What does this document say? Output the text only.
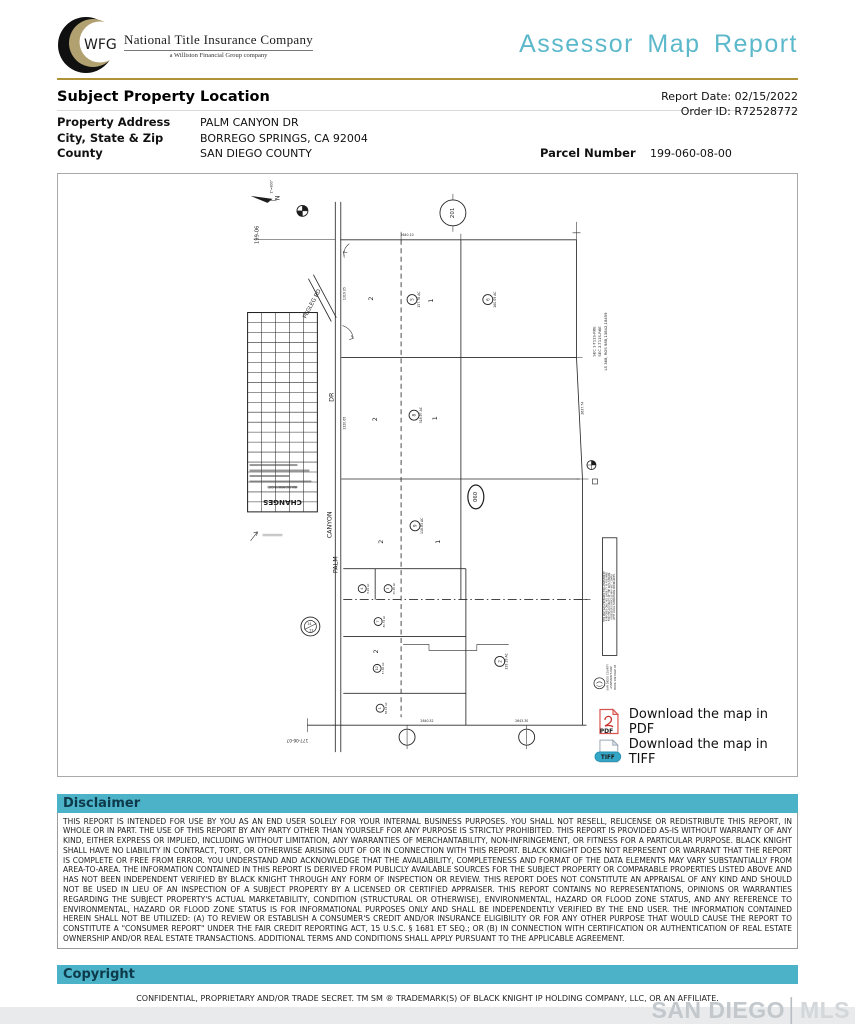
WFG National Title Insurance Company
a Williston Financial Group company	Assessor Map Report
Subject Property Location	Report Date: 02/15/2022
Order ID: R72528772
Property Address	PALM CANYON DR
City, State & Zip	BORREGO SPRINGS, CA 92004
County	SAN DIEGO COUNTY	Parcel Number	199-060-08-00
N
1"=800'
199-06
201
PEGLEG RD
DR
CANYON
PALM
5 157.76 AC	6 160.09 AC
8 318.97 AC
9 118.83 AC
4	8.29 AC	3	30.36 AC
7	80.74 AC
10	57.62 AC
1	56.16 AC
2 329.29 AC
2	1
2	1
2	1
2
060
SEC 1-T11S-R6E SEC 2-T11S-R6E LS 368, ROS 988,13842,18459
2640.10
2637.74
1320.65
2640.52	2643.30
1319.05
14
23
BLK OLD NEW YR CUT
CHANGES
177-06-07
THIS MAP WAS PREPARED FOR ASSESSMENT PURPOSES ONLY. NO LIABILITY IS ASSUMED FOR THE ACCURACY OF THE DATA SHOWN. ASSESSOR'S PARCELS MAY NOT COMPLY WITH LOCAL SUBDIVISION ORDINANCES.
SAN DIEGO COUNTY ASSESSOR'S MAP BOOK 199 PAGE 06
PDF
Download the map in PDF
TIFF
Download the map in TIFF
Disclaimer

THIS REPORT IS INTENDED FOR USE BY YOU AS AN END USER SOLELY FOR YOUR INTERNAL BUSINESS PURPOSES. YOU SHALL NOT RESELL, RELICENSE OR REDISTRIBUTE THIS REPORT, IN WHOLE OR IN PART. THE USE OF THIS REPORT BY ANY PARTY OTHER THAN YOURSELF FOR ANY PURPOSE IS STRICTLY PROHIBITED. THIS REPORT IS PROVIDED AS-IS WITHOUT WARRANTY OF ANY KIND, EITHER EXPRESS OR IMPLIED, INCLUDING WITHOUT LIMITATION, ANY WARRANTIES OF MERCHANTABILITY, NON-INFRINGEMENT, OR FITNESS FOR A PARTICULAR PURPOSE. BLACK KNIGHT SHALL HAVE NO LIABILITY IN CONTRACT, TORT, OR OTHERWISE ARISING OUT OF OR IN CONNECTION WITH THIS REPORT. BLACK KNIGHT DOES NOT REPRESENT OR WARRANT THAT THE REPORT IS COMPLETE OR FREE FROM ERROR. YOU UNDERSTAND AND ACKNOWLEDGE THAT THE AVAILABILITY, COMPLETENESS AND FORMAT OF THE DATA ELEMENTS MAY VARY SUBSTANTIALLY FROM AREA-TO-AREA. THE INFORMATION CONTAINED IN THIS REPORT IS DERIVED FROM PUBLICLY AVAILABLE SOURCES FOR THE SUBJECT PROPERTY OR COMPARABLE PROPERTIES LISTED ABOVE AND HAS NOT BEEN INDEPENDENT VERIFIED BY BLACK KNIGHT THROUGH ANY FORM OF INSPECTION OR REVIEW. THIS REPORT DOES NOT CONSTITUTE AN APPRAISAL OF ANY KIND AND SHOULD NOT BE USED IN LIEU OF AN INSPECTION OF A SUBJECT PROPERTY BY A LICENSED OR CERTIFIED APPRAISER. THIS REPORT CONTAINS NO REPRESENTATIONS, OPINIONS OR WARRANTIES REGARDING THE SUBJECT PROPERTY'S ACTUAL MARKETABILITY, CONDITION (STRUCTURAL OR OTHERWISE), ENVIRONMENTAL, HAZARD OR FLOOD ZONE STATUS, AND ANY REFERENCE TO ENVIRONMENTAL, HAZARD OR FLOOD ZONE STATUS IS FOR INFORMATIONAL PURPOSES ONLY AND SHALL BE INDEPENDENTLY VERIFIED BY THE END USER. THE INFORMATION CONTAINED HEREIN SHALL NOT BE UTILIZED: (A) TO REVIEW OR ESTABLISH A CONSUMER'S CREDIT AND/OR INSURANCE ELIGIBILITY OR FOR ANY OTHER PURPOSE THAT WOULD CAUSE THE REPORT TO CONSTITUTE A "CONSUMER REPORT" UNDER THE FAIR CREDIT REPORTING ACT, 15 U.S.C. § 1681 ET SEQ.; OR (B) IN CONNECTION WITH CERTIFICATION OR AUTHENTICATION OF REAL ESTATE OWNERSHIP AND/OR REAL ESTATE TRANSACTIONS. ADDITIONAL TERMS AND CONDITIONS SHALL APPLY PURSUANT TO THE APPLICABLE AGREEMENT.

Copyright
CONFIDENTIAL, PROPRIETARY AND/OR TRADE SECRET. TM SM ® TRADEMARK(S) OF BLACK KNIGHT IP HOLDING COMPANY, LLC, OR AN AFFILIATE.
SAN DIEGO│MLS
